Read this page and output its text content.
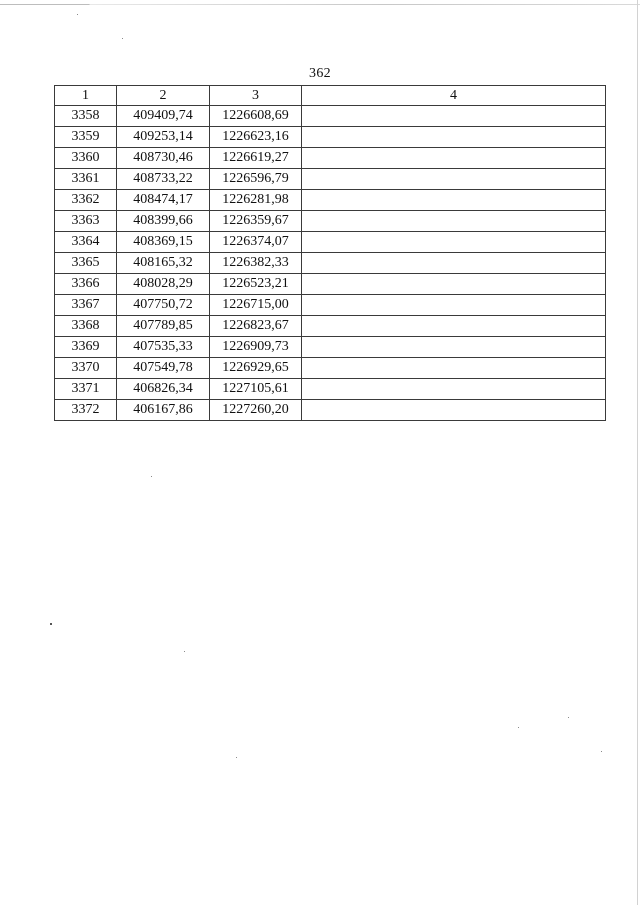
362
1	2	3	4
3358	409409,74	1226608,69	
3359	409253,14	1226623,16	
3360	408730,46	1226619,27	
3361	408733,22	1226596,79	
3362	408474,17	1226281,98	
3363	408399,66	1226359,67	
3364	408369,15	1226374,07	
3365	408165,32	1226382,33	
3366	408028,29	1226523,21	
3367	407750,72	1226715,00	
3368	407789,85	1226823,67	
3369	407535,33	1226909,73	
3370	407549,78	1226929,65	
3371	406826,34	1227105,61	
3372	406167,86	1227260,20	
